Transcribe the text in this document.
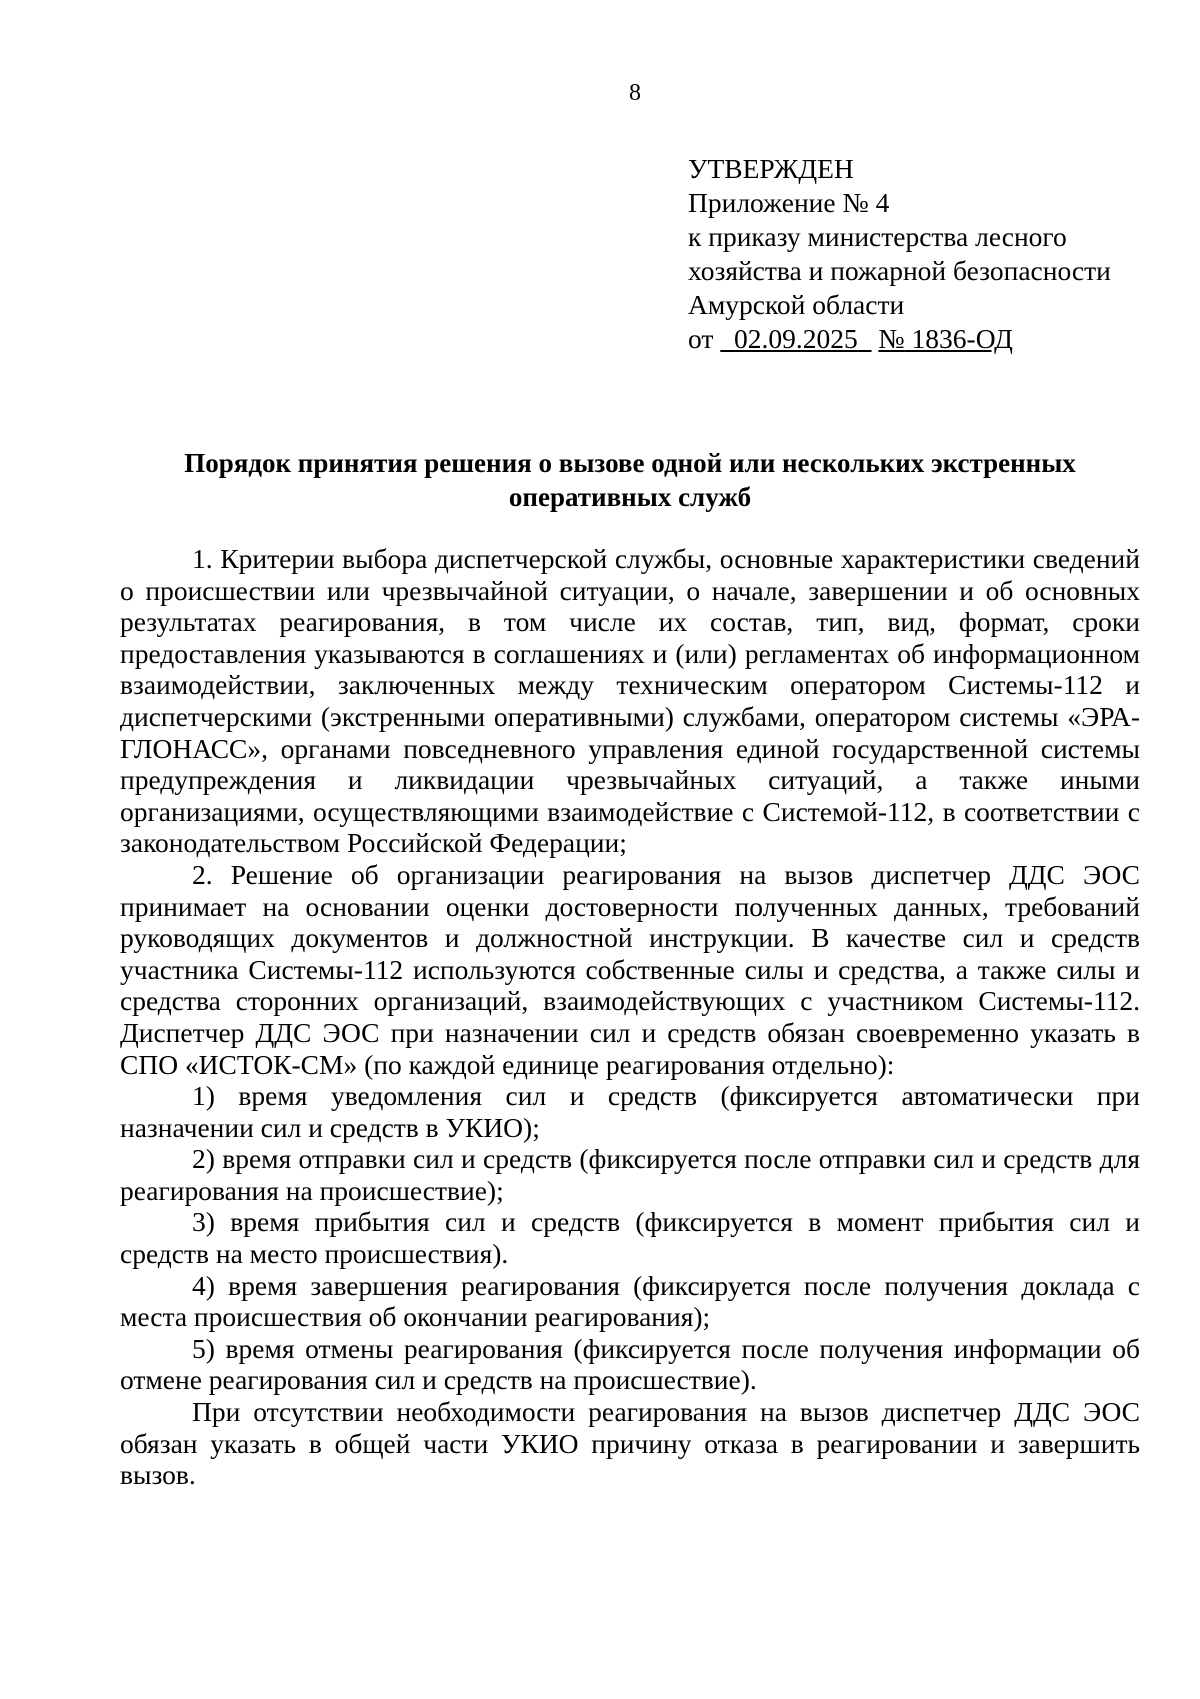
8
УТВЕРЖДЕН
Приложение № 4
к приказу министерства лесного
хозяйства и пожарной безопасности
Амурской области
от 02.09.2025 № 1836-ОД
Порядок принятия решения о вызове одной или нескольких экстренных
оперативных служб

1. Критерии выбора диспетчерской службы, основные характеристики сведений о происшествии или чрезвычайной ситуации, о начале, завершении и об основных результатах реагирования, в том числе их состав, тип, вид, формат, сроки предоставления указываются в соглашениях и (или) регламентах об информационном взаимодействии, заключенных между техническим оператором Системы-112 и диспетчерскими (экстренными оперативными) службами, оператором системы «ЭРА-ГЛОНАСС», органами повседневного управления единой государственной системы предупреждения и ликвидации чрезвычайных ситуаций, а также иными организациями, осуществляющими взаимодействие с Системой-112, в соответствии с законодательством Российской Федерации;

2. Решение об организации реагирования на вызов диспетчер ДДС ЭОС принимает на основании оценки достоверности полученных данных, требований руководящих документов и должностной инструкции. В качестве сил и средств участника Системы-112 используются собственные силы и средства, а также силы и средства сторонних организаций, взаимодействующих с участником Системы-112. Диспетчер ДДС ЭОС при назначении сил и средств обязан своевременно указать в СПО «ИСТОК-СМ» (по каждой единице реагирования отдельно):

1) время уведомления сил и средств (фиксируется автоматически при назначении сил и средств в УКИО);

2) время отправки сил и средств (фиксируется после отправки сил и средств для реагирования на происшествие);

3) время прибытия сил и средств (фиксируется в момент прибытия сил и средств на место происшествия).

4) время завершения реагирования (фиксируется после получения доклада с места происшествия об окончании реагирования);

5) время отмены реагирования (фиксируется после получения информации об отмене реагирования сил и средств на происшествие).

При отсутствии необходимости реагирования на вызов диспетчер ДДС ЭОС обязан указать в общей части УКИО причину отказа в реагировании и завершить вызов.
